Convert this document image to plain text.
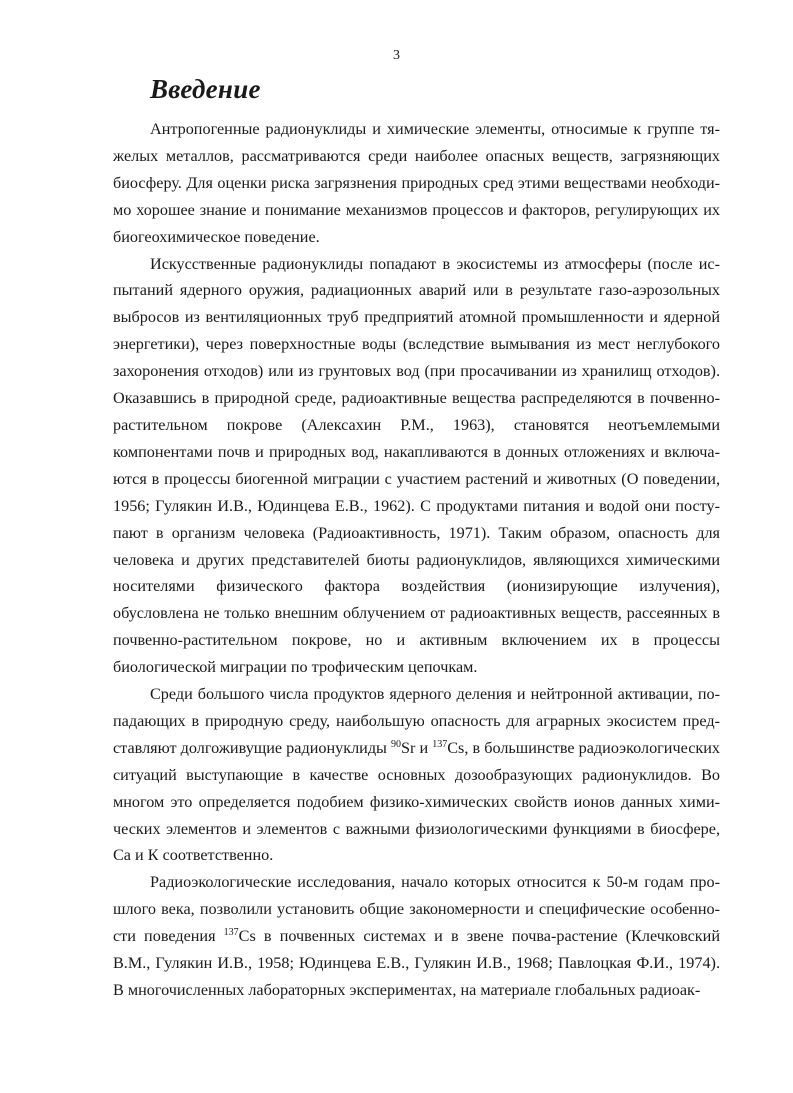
3
Введение

Антропогенные радионуклиды и химические элементы, относимые к группе тяжелых металлов, рассматриваются среди наиболее опасных веществ, загрязняющих биосферу. Для оценки риска загрязнения природных сред этими веществами необходимо хорошее знание и понимание механизмов процессов и факторов, регулирующих их биогеохимическое поведение.

Искусственные радионуклиды попадают в экосистемы из атмосферы (после испытаний ядерного оружия, радиационных аварий или в результате газо-аэрозольных выбросов из вентиляционных труб предприятий атомной промышленности и ядерной энергетики), через поверхностные воды (вследствие вымывания из мест неглубокого захоронения отходов) или из грунтовых вод (при просачивании из хранилищ отходов). Оказавшись в природной среде, радиоактивные вещества распределяются в почвенно-растительном покрове (Алексахин Р.М., 1963), становятся неотъемлемыми компонентами почв и природных вод, накапливаются в донных отложениях и включаются в процессы биогенной миграции с участием растений и животных (О поведении, 1956; Гулякин И.В., Юдинцева Е.В., 1962). С продуктами питания и водой они поступают в организм человека (Радиоактивность, 1971). Таким образом, опасность для человека и других представителей биоты радионуклидов, являющихся химическими носителями физического фактора воздействия (ионизирующие излучения), обусловлена не только внешним облучением от радиоактивных веществ, рассеянных в почвенно-растительном покрове, но и активным включением их в процессы биологической миграции по трофическим цепочкам.

Среди большого числа продуктов ядерного деления и нейтронной активации, попадающих в природную среду, наибольшую опасность для аграрных экосистем представляют долгоживущие радионуклиды $^{90}$Sr и $^{137}$Cs, в большинстве радиоэкологических ситуаций выступающие в качестве основных дозообразующих радионуклидов. Во многом это определяется подобием физико-химических свойств ионов данных химических элементов и элементов с важными физиологическими функциями в биосфере, Са и К соответственно.

Радиоэкологические исследования, начало которых относится к 50-м годам прошлого века, позволили установить общие закономерности и специфические особенности поведения $^{137}$Cs в почвенных системах и в звене почва-растение (Клечковский В.М., Гулякин И.В., 1958; Юдинцева Е.В., Гулякин И.В., 1968; Павлоцкая Ф.И., 1974). В многочисленных лабораторных экспериментах, на материале глобальных радиоак-
